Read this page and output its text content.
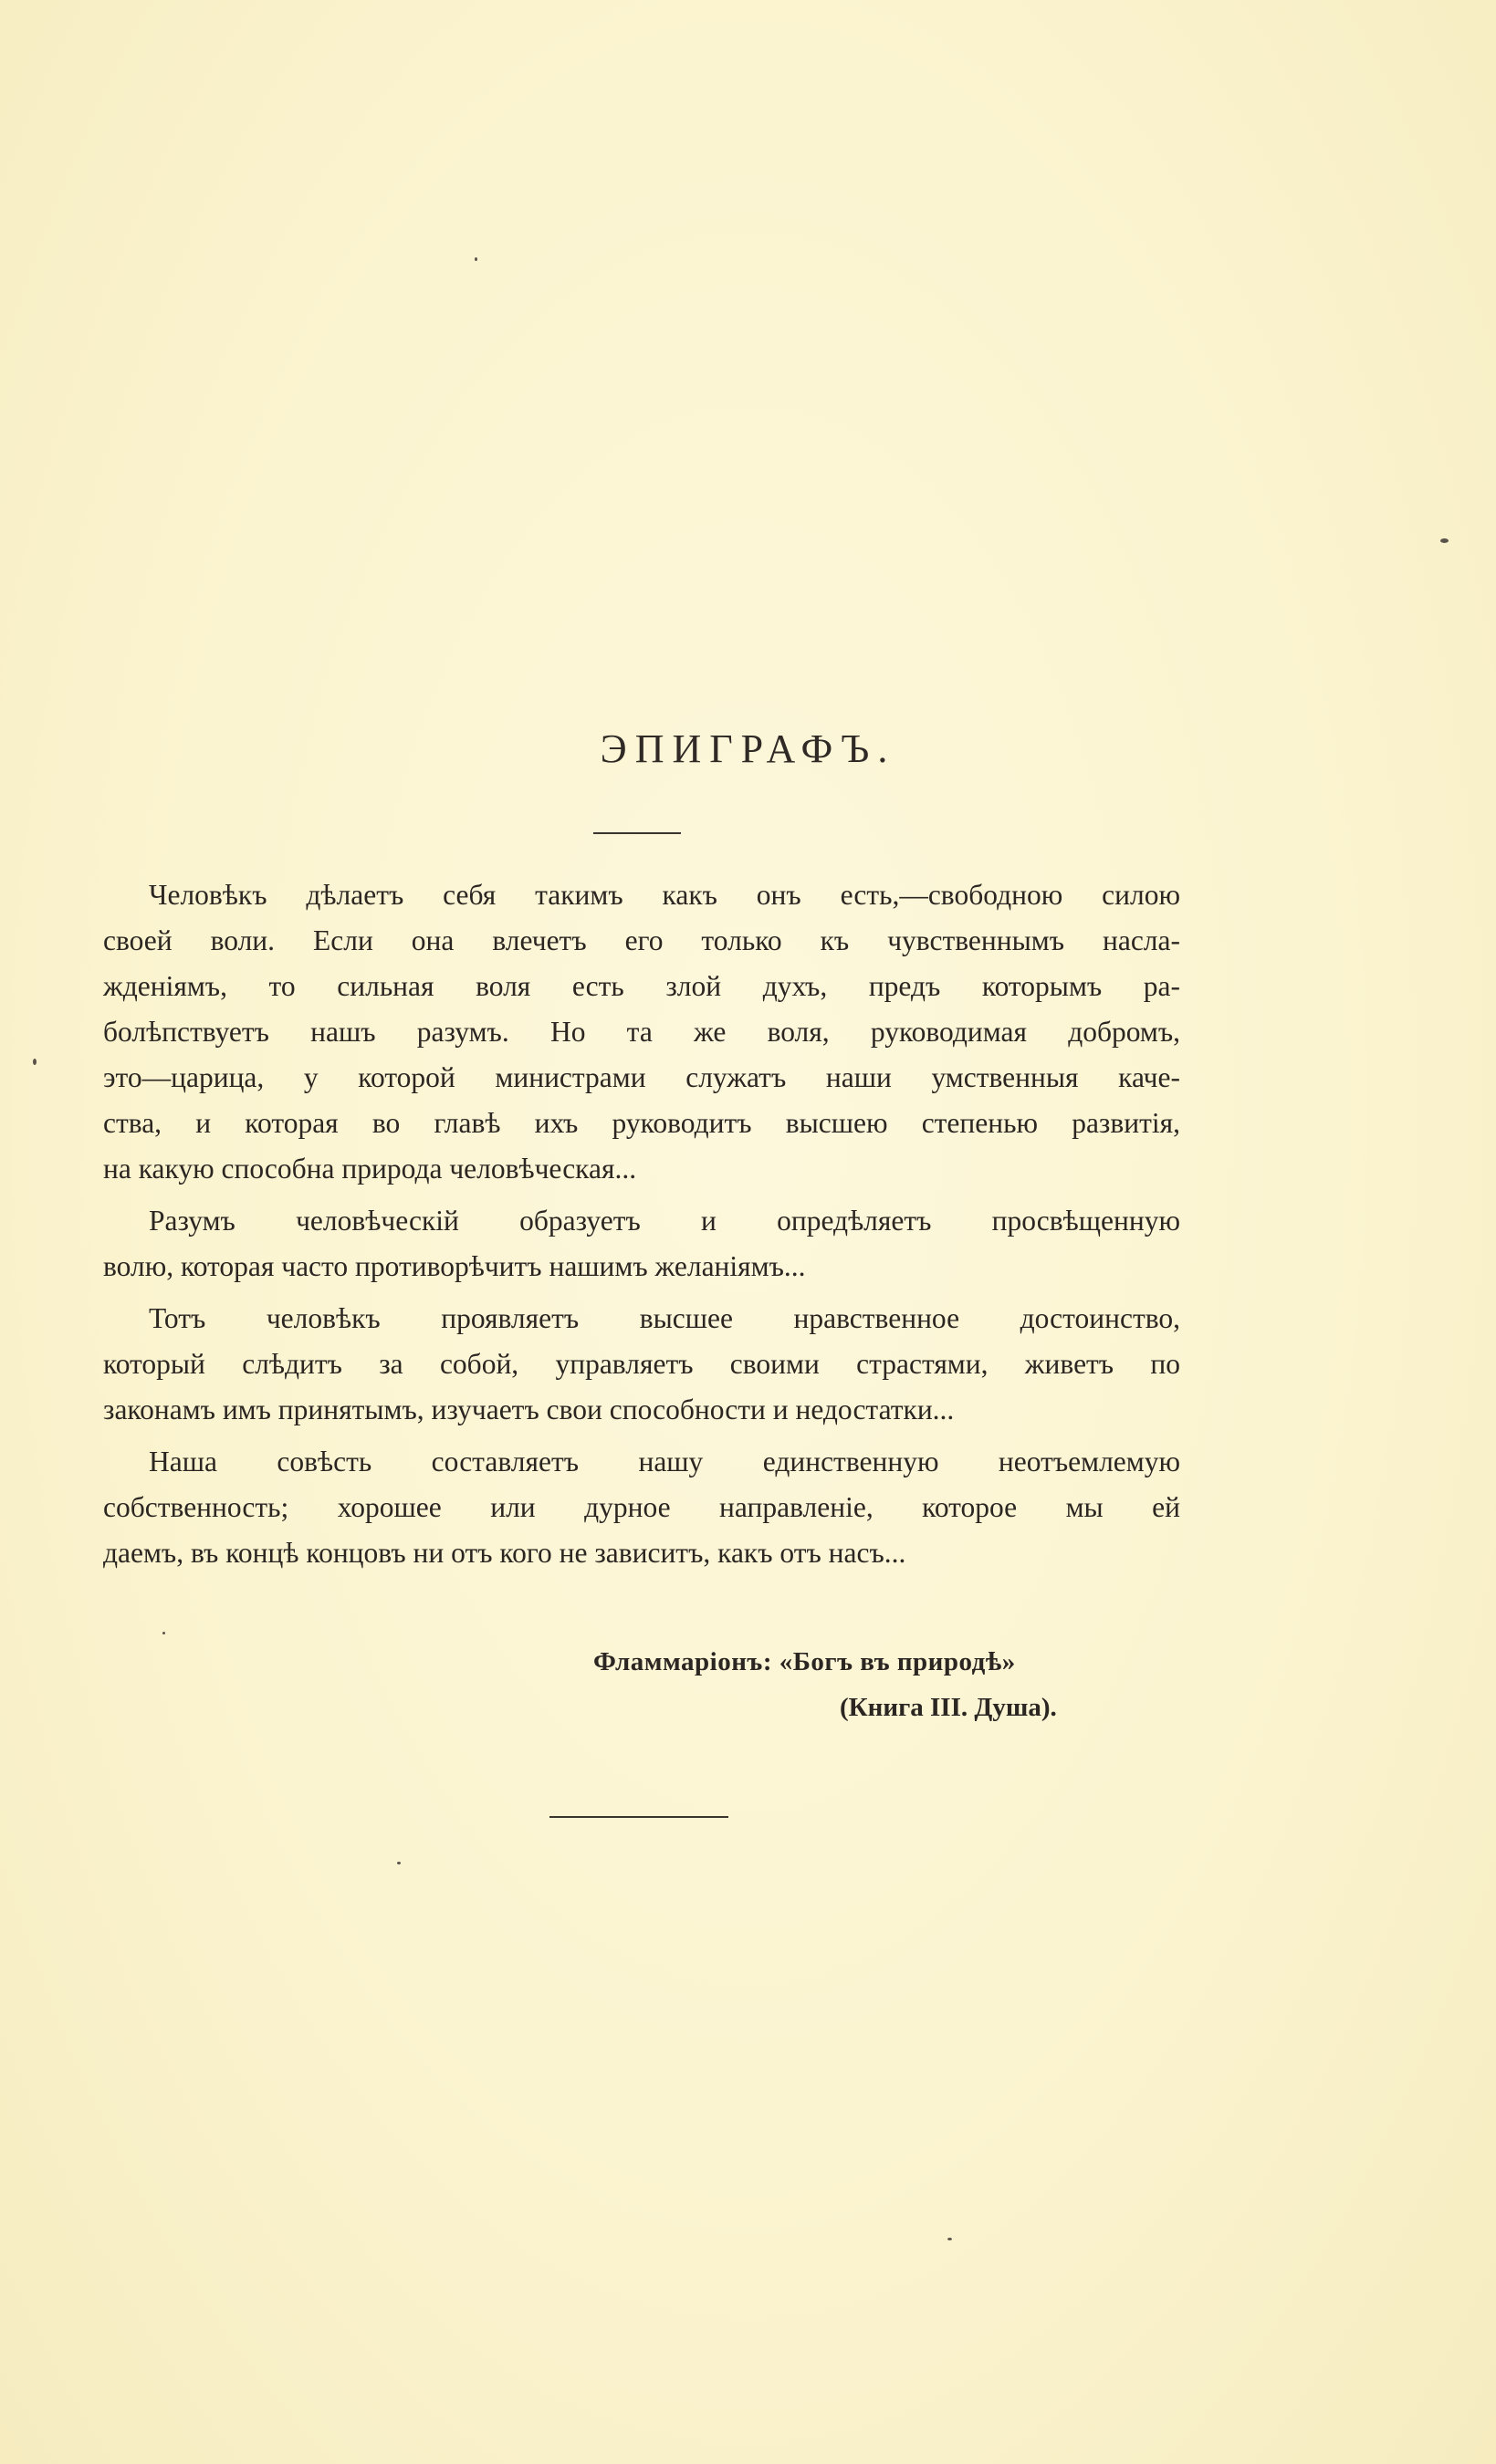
ЭПИГРАФЪ.
Человѣкъ дѣлаетъ себя такимъ какъ онъ есть,—свободною силою
своей воли. Если она влечетъ его только къ чувственнымъ насла-
жденіямъ, то сильная воля есть злой духъ, предъ которымъ ра-
болѣпствуетъ нашъ разумъ. Но та же воля, руководимая добромъ,
это—царица, у которой министрами служатъ наши умственныя каче-
ства, и которая во главѣ ихъ руководитъ высшею степенью развитія,
на какую способна природа человѣческая...
Разумъ человѣческій образуетъ и опредѣляетъ просвѣщенную
волю, которая часто противорѣчитъ нашимъ желаніямъ...
Тотъ человѣкъ проявляетъ высшее нравственное достоинство,
который слѣдитъ за собой, управляетъ своими страстями, живетъ по
законамъ имъ принятымъ, изучаетъ свои способности и недостатки...
Наша совѣсть составляетъ нашу единственную неотъемлемую
собственность; хорошее или дурное направленіе, которое мы ей
даемъ, въ концѣ концовъ ни отъ кого не зависитъ, какъ отъ насъ...
Фламмаріонъ: «Богъ въ природѣ»
(Книга III. Душа).
